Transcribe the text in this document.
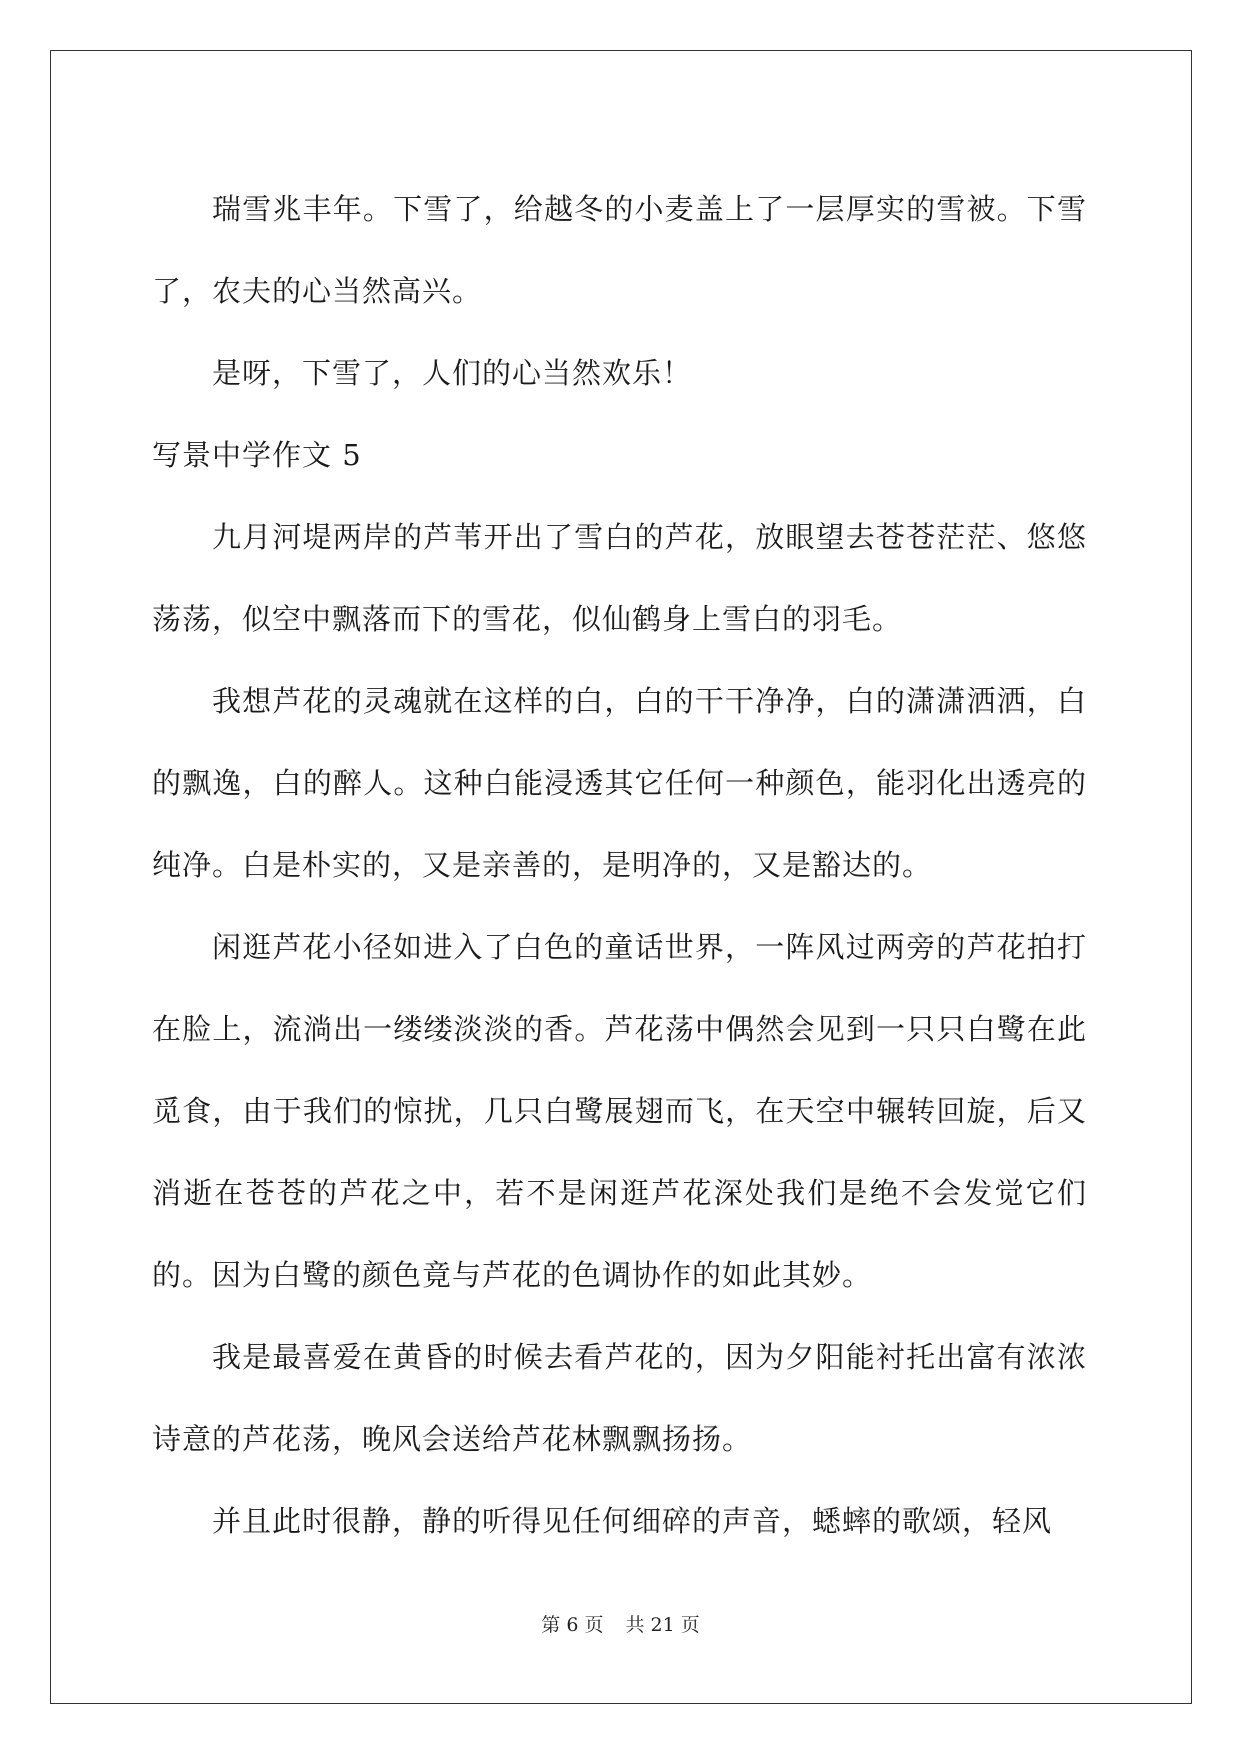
瑞雪兆丰年。下雪了，给越冬的小麦盖上了一层厚实的雪被。下雪了，农夫的心当然高兴。

是呀，下雪了，人们的心当然欢乐！

写景中学作文 5

九月河堤两岸的芦苇开出了雪白的芦花，放眼望去苍苍茫茫、悠悠荡荡，似空中飘落而下的雪花，似仙鹤身上雪白的羽毛。

我想芦花的灵魂就在这样的白，白的干干净净，白的潇潇洒洒，白的飘逸，白的醉人。这种白能浸透其它任何一种颜色，能羽化出透亮的纯净。白是朴实的，又是亲善的，是明净的，又是豁达的。

闲逛芦花小径如进入了白色的童话世界，一阵风过两旁的芦花拍打在脸上，流淌出一缕缕淡淡的香。芦花荡中偶然会见到一只只白鹭在此觅食，由于我们的惊扰，几只白鹭展翅而飞，在天空中辗转回旋，后又消逝在苍苍的芦花之中，若不是闲逛芦花深处我们是绝不会发觉它们的。因为白鹭的颜色竟与芦花的色调协作的如此其妙。

我是最喜爱在黄昏的时候去看芦花的，因为夕阳能衬托出富有浓浓诗意的芦花荡，晚风会送给芦花林飘飘扬扬。

并且此时很静，静的听得见任何细碎的声音，蟋蟀的歌颂，轻风

第 6 页 共 21 页
